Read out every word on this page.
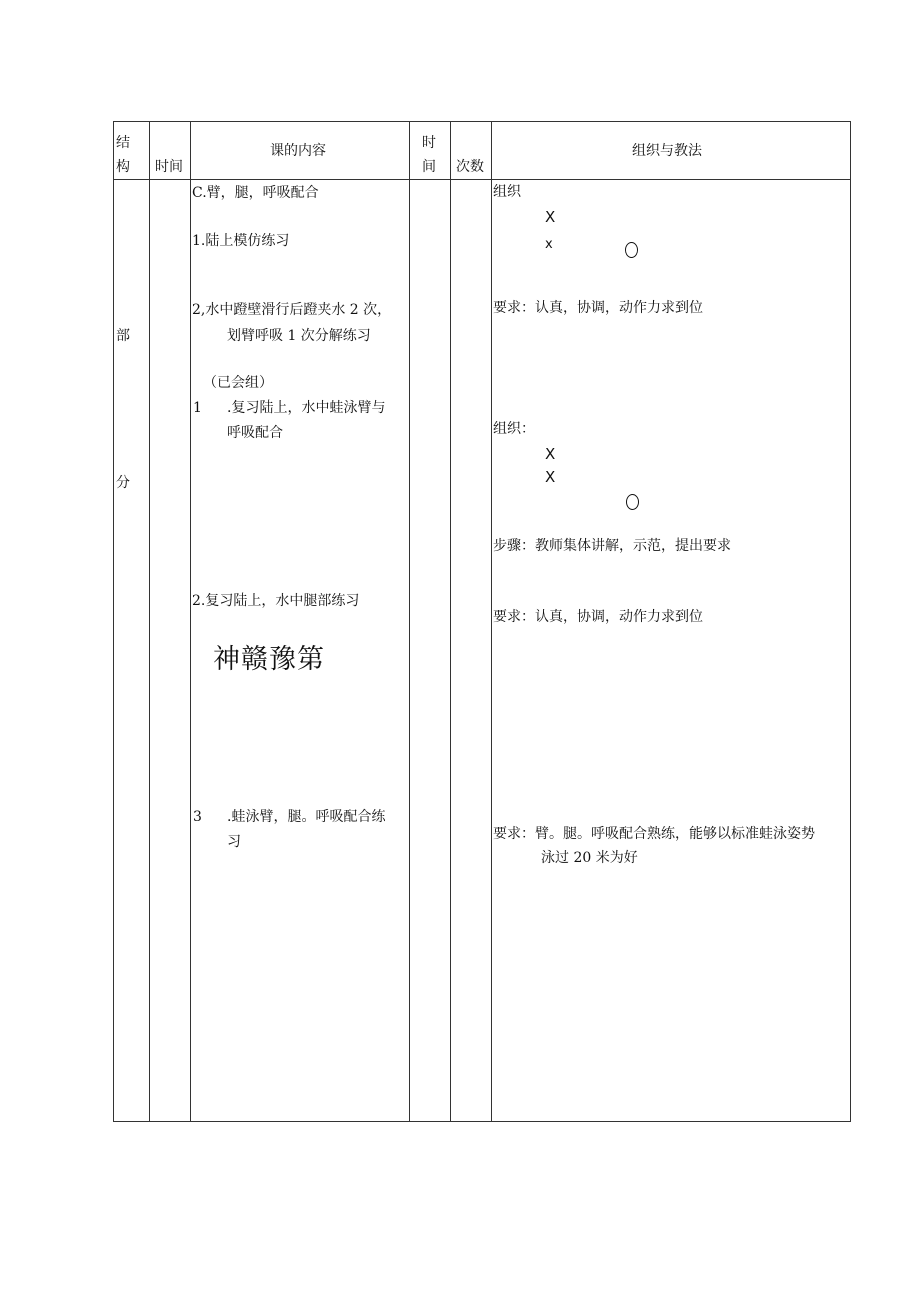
结
构 时间
课的内容	时
间 次数
组织与教法
部
分
C.臂，腿，呼吸配合
1.陆上模仿练习
2,水中蹬壁滑行后蹬夹水 2 次，
划臂呼吸 1 次分解练习
（已会组）
1 .复习陆上，水中蛙泳臂与
呼吸配合
2.复习陆上，水中腿部练习
神赣豫第
3 .蛙泳臂，腿。呼吸配合练
习
组织
X
x
要求：认真，协调，动作力求到位
组织：
X
X
步骤：教师集体讲解，示范，提出要求
要求：认真，协调，动作力求到位
要求：臂。腿。呼吸配合熟练，能够以标准蛙泳姿势
泳过 20 米为好
